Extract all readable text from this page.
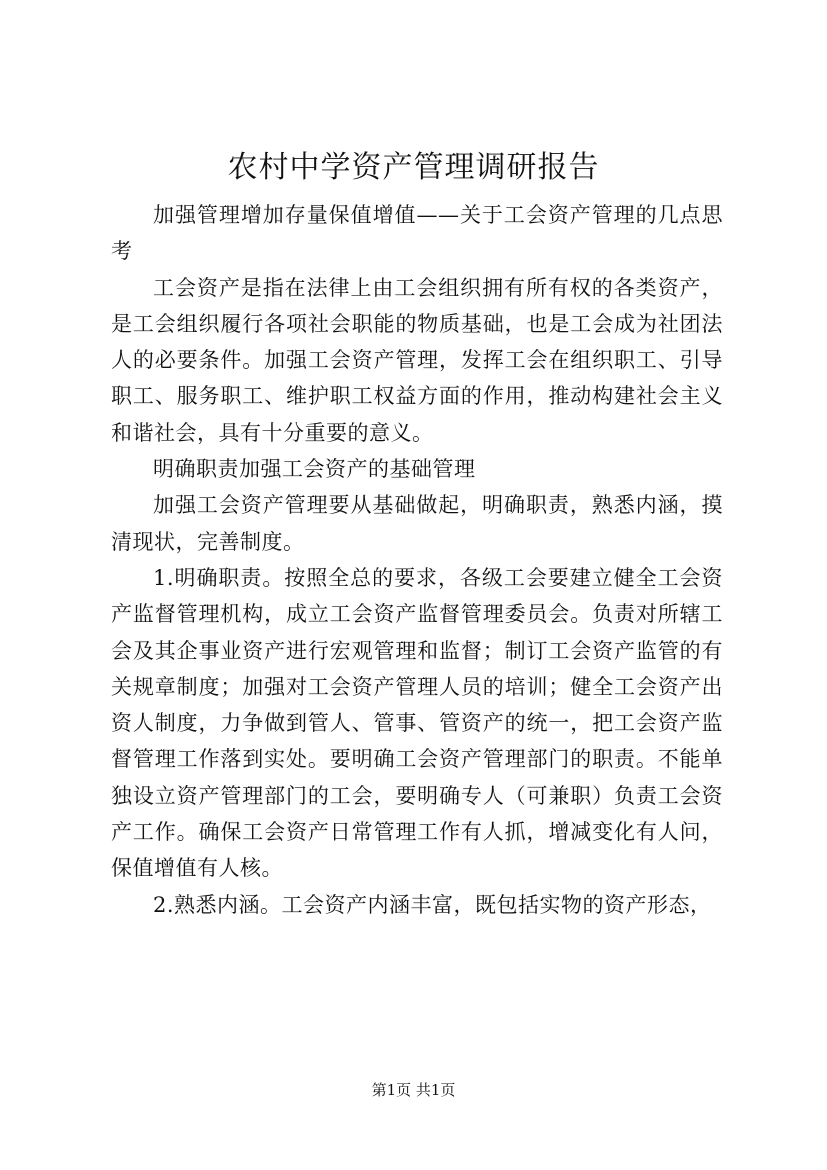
农村中学资产管理调研报告

加强管理增加存量保值增值——关于工会资产管理的几点思考

工会资产是指在法律上由工会组织拥有所有权的各类资产，是工会组织履行各项社会职能的物质基础，也是工会成为社团法人的必要条件。加强工会资产管理，发挥工会在组织职工、引导职工、服务职工、维护职工权益方面的作用，推动构建社会主义和谐社会，具有十分重要的意义。

明确职责加强工会资产的基础管理

加强工会资产管理要从基础做起，明确职责，熟悉内涵，摸清现状，完善制度。

1.明确职责。按照全总的要求，各级工会要建立健全工会资产监督管理机构，成立工会资产监督管理委员会。负责对所辖工会及其企事业资产进行宏观管理和监督；制订工会资产监管的有关规章制度；加强对工会资产管理人员的培训；健全工会资产出资人制度，力争做到管人、管事、管资产的统一，把工会资产监督管理工作落到实处。要明确工会资产管理部门的职责。不能单独设立资产管理部门的工会，要明确专人（可兼职）负责工会资产工作。确保工会资产日常管理工作有人抓，增减变化有人问，保值增值有人核。

2.熟悉内涵。工会资产内涵丰富，既包括实物的资产形态，

第1页 共1页
